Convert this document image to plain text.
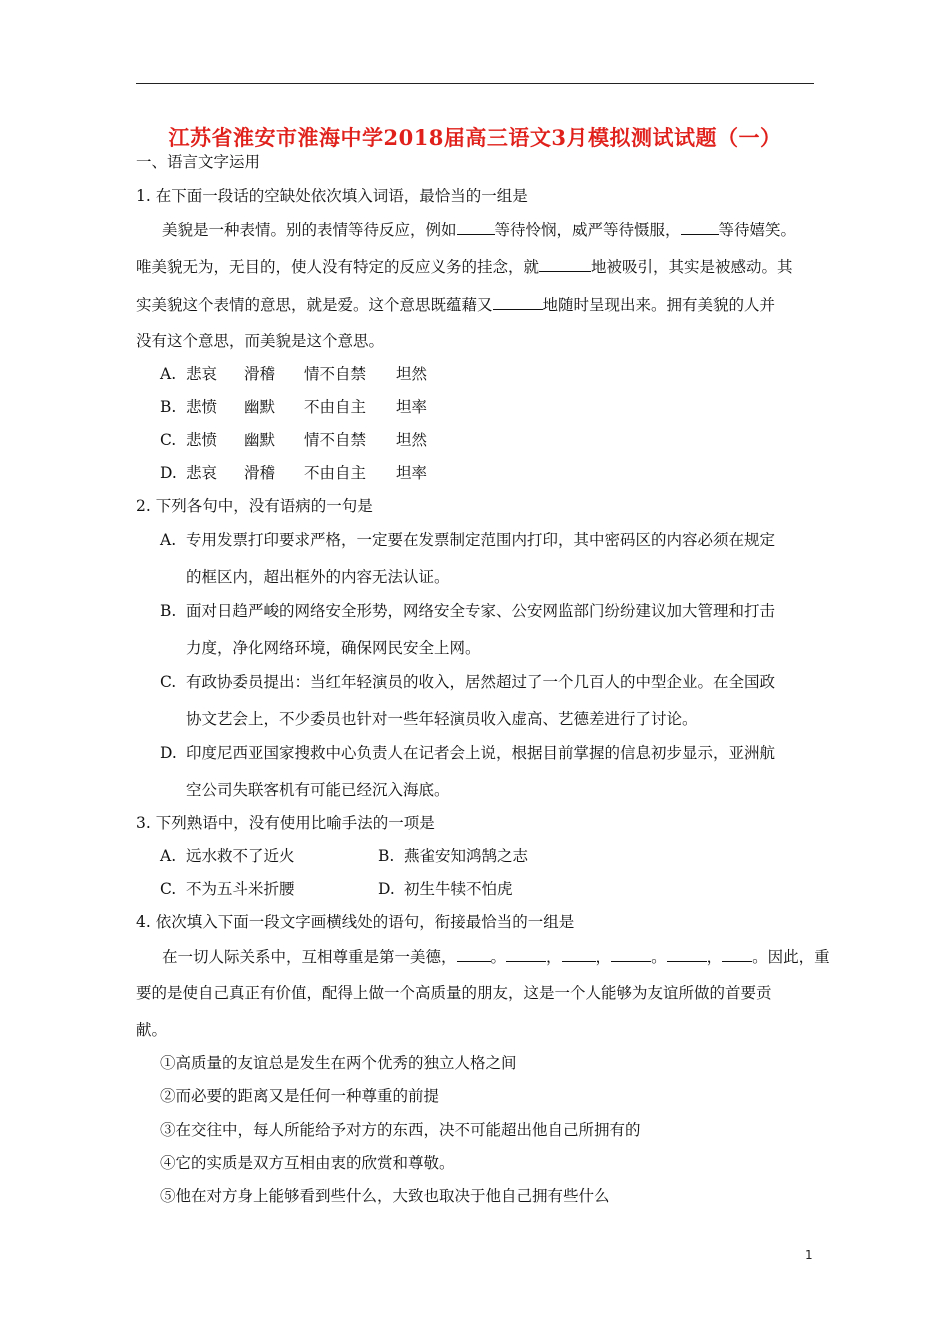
江苏省淮安市淮海中学2018届高三语文3月模拟测试试题（一）
一、语言文字运用
1. 在下面一段话的空缺处依次填入词语，最恰当的一组是
美貌是一种表情。别的表情等待反应，例如 等待怜悯，威严等待慑服， 等待嬉笑。
唯美貌无为，无目的，使人没有特定的反应义务的挂念，就	地被吸引，其实是被感动。其
实美貌这个表情的意思，就是爱。这个意思既蕴藉又	地随时呈现出来。拥有美貌的人并
没有这个意思，而美貌是这个意思。
A. 悲哀 滑稽 情不自禁 坦然
B. 悲愤 幽默 不由自主 坦率
C. 悲愤 幽默 情不自禁 坦然
D. 悲哀 滑稽 不由自主 坦率
2. 下列各句中，没有语病的一句是
A. 专用发票打印要求严格，一定要在发票制定范围内打印，其中密码区的内容必须在规定
的框区内，超出框外的内容无法认证。
B. 面对日趋严峻的网络安全形势，网络安全专家、公安网监部门纷纷建议加大管理和打击
力度，净化网络环境，确保网民安全上网。
C. 有政协委员提出：当红年轻演员的收入，居然超过了一个几百人的中型企业。在全国政
协文艺会上，不少委员也针对一些年轻演员收入虚高、艺德差进行了讨论。
D. 印度尼西亚国家搜救中心负责人在记者会上说，根据目前掌握的信息初步显示，亚洲航
空公司失联客机有可能已经沉入海底。
3. 下列熟语中，没有使用比喻手法的一项是
A. 远水救不了近火	B. 燕雀安知鸿鹄之志
C. 不为五斗米折腰	D. 初生牛犊不怕虎
4. 依次填入下面一段文字画横线处的语句，衔接最恰当的一组是
在一切人际关系中，互相尊重是第一美德， 。	， ，	。	， 。因此，重
要的是使自己真正有价值，配得上做一个高质量的朋友，这是一个人能够为友谊所做的首要贡
献。
①高质量的友谊总是发生在两个优秀的独立人格之间
②而必要的距离又是任何一种尊重的前提
③在交往中，每人所能给予对方的东西，决不可能超出他自己所拥有的
④它的实质是双方互相由衷的欣赏和尊敬。
⑤他在对方身上能够看到些什么，大致也取决于他自己拥有些什么
1
